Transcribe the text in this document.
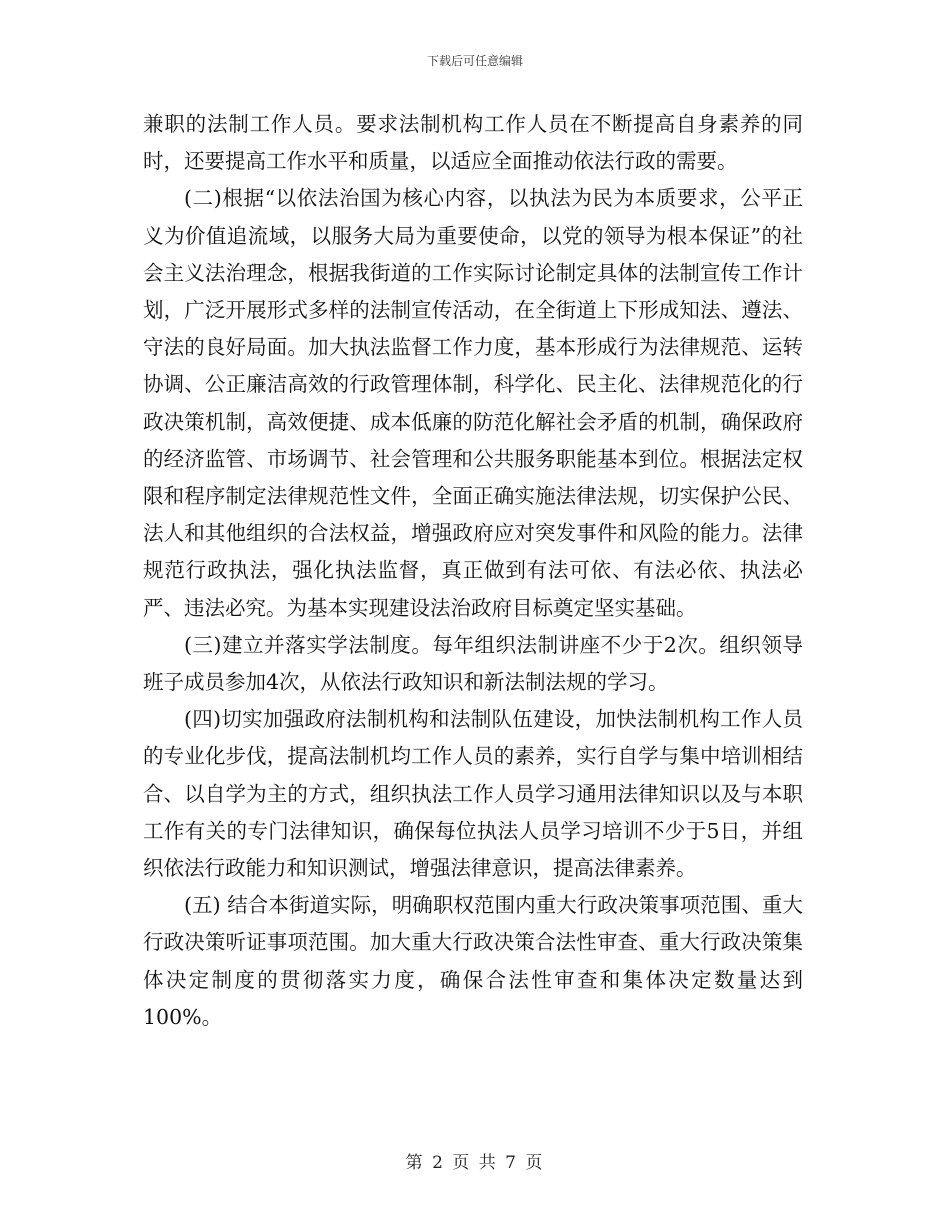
下载后可任意编辑

兼职的法制工作人员。要求法制机构工作人员在不断提高自身素养的同时，还要提高工作水平和质量，以适应全面推动依法行政的需要。

(二)根据“以依法治国为核心内容，以执法为民为本质要求，公平正义为价值追流域，以服务大局为重要使命，以党的领导为根本保证”的社会主义法治理念，根据我街道的工作实际讨论制定具体的法制宣传工作计划，广泛开展形式多样的法制宣传活动，在全街道上下形成知法、遵法、守法的良好局面。加大执法监督工作力度，基本形成行为法律规范、运转协调、公正廉洁高效的行政管理体制，科学化、民主化、法律规范化的行政决策机制，高效便捷、成本低廉的防范化解社会矛盾的机制，确保政府的经济监管、市场调节、社会管理和公共服务职能基本到位。根据法定权限和程序制定法律规范性文件，全面正确实施法律法规，切实保护公民、法人和其他组织的合法权益，增强政府应对突发事件和风险的能力。法律规范行政执法，强化执法监督，真正做到有法可依、有法必依、执法必严、违法必究。为基本实现建设法治政府目标奠定坚实基础。

(三)建立并落实学法制度。每年组织法制讲座不少于2次。组织领导班子成员参加4次，从依法行政知识和新法制法规的学习。

(四)切实加强政府法制机构和法制队伍建设，加快法制机构工作人员的专业化步伐，提高法制机均工作人员的素养，实行自学与集中培训相结合、以自学为主的方式，组织执法工作人员学习通用法律知识以及与本职工作有关的专门法律知识，确保每位执法人员学习培训不少于5日，并组织依法行政能力和知识测试，增强法律意识，提高法律素养。

(五) 结合本街道实际，明确职权范围内重大行政决策事项范围、重大行政决策听证事项范围。加大重大行政决策合法性审查、重大行政决策集体决定制度的贯彻落实力度，确保合法性审查和集体决定数量达到100%。

第 2 页 共 7 页
